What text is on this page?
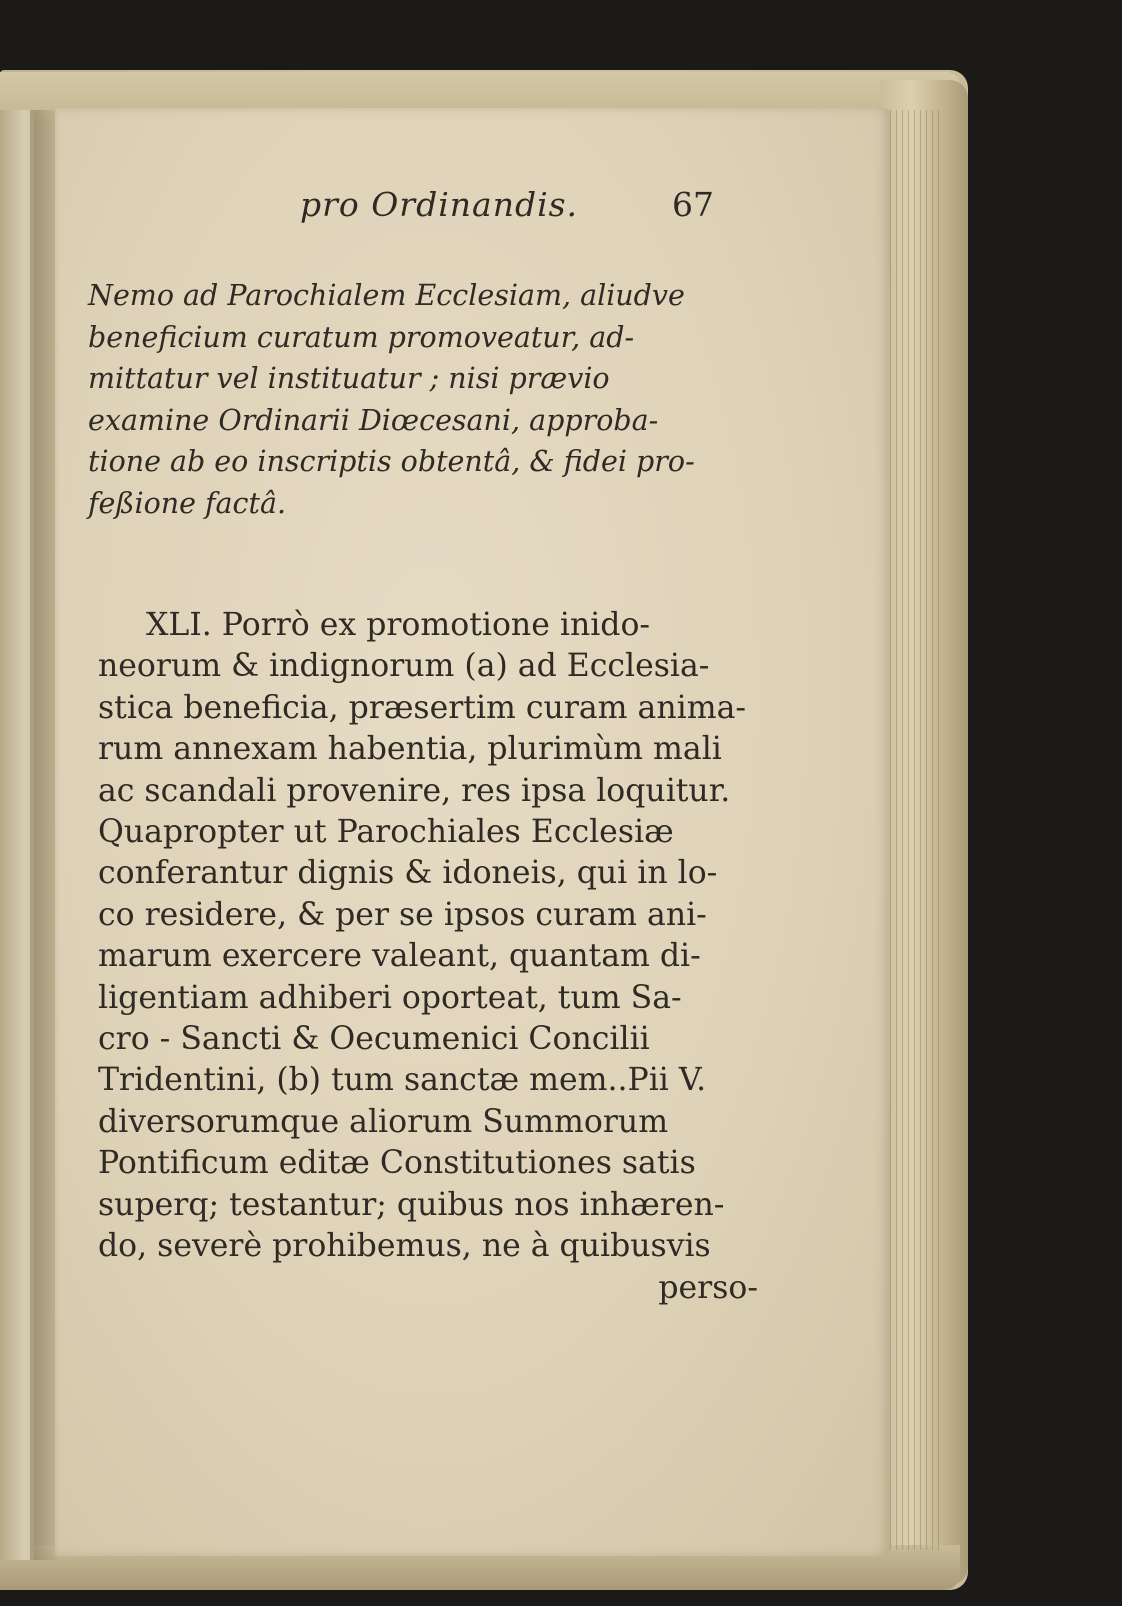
pro Ordinandis.	67
Nemo ad Parochialem Ecclesiam, aliudve
beneficium curatum promoveatur, ad-
mittatur vel instituatur ; nisi prævio
examine Ordinarii Diœcesani, approba-
tione ab eo inscriptis obtentâ, & fidei pro-
feßione factâ.
XLI. Porrò ex promotione inido-
neorum & indignorum (a) ad Ecclesia-
stica beneficia, præsertim curam anima-
rum annexam habentia, plurimùm mali
ac scandali provenire, res ipsa loquitur.
Quapropter ut Parochiales Ecclesiæ
conferantur dignis & idoneis, qui in lo-
co residere, & per se ipsos curam ani-
marum exercere valeant, quantam di-
ligentiam adhiberi oporteat, tum Sa-
cro - Sancti & Oecumenici Concilii
Tridentini, (b) tum sanctæ mem..Pii V.
diversorumque aliorum Summorum
Pontificum editæ Constitutiones satis
superq; testantur; quibus nos inhæren-
do, severè prohibemus, ne à quibusvis
perso-
